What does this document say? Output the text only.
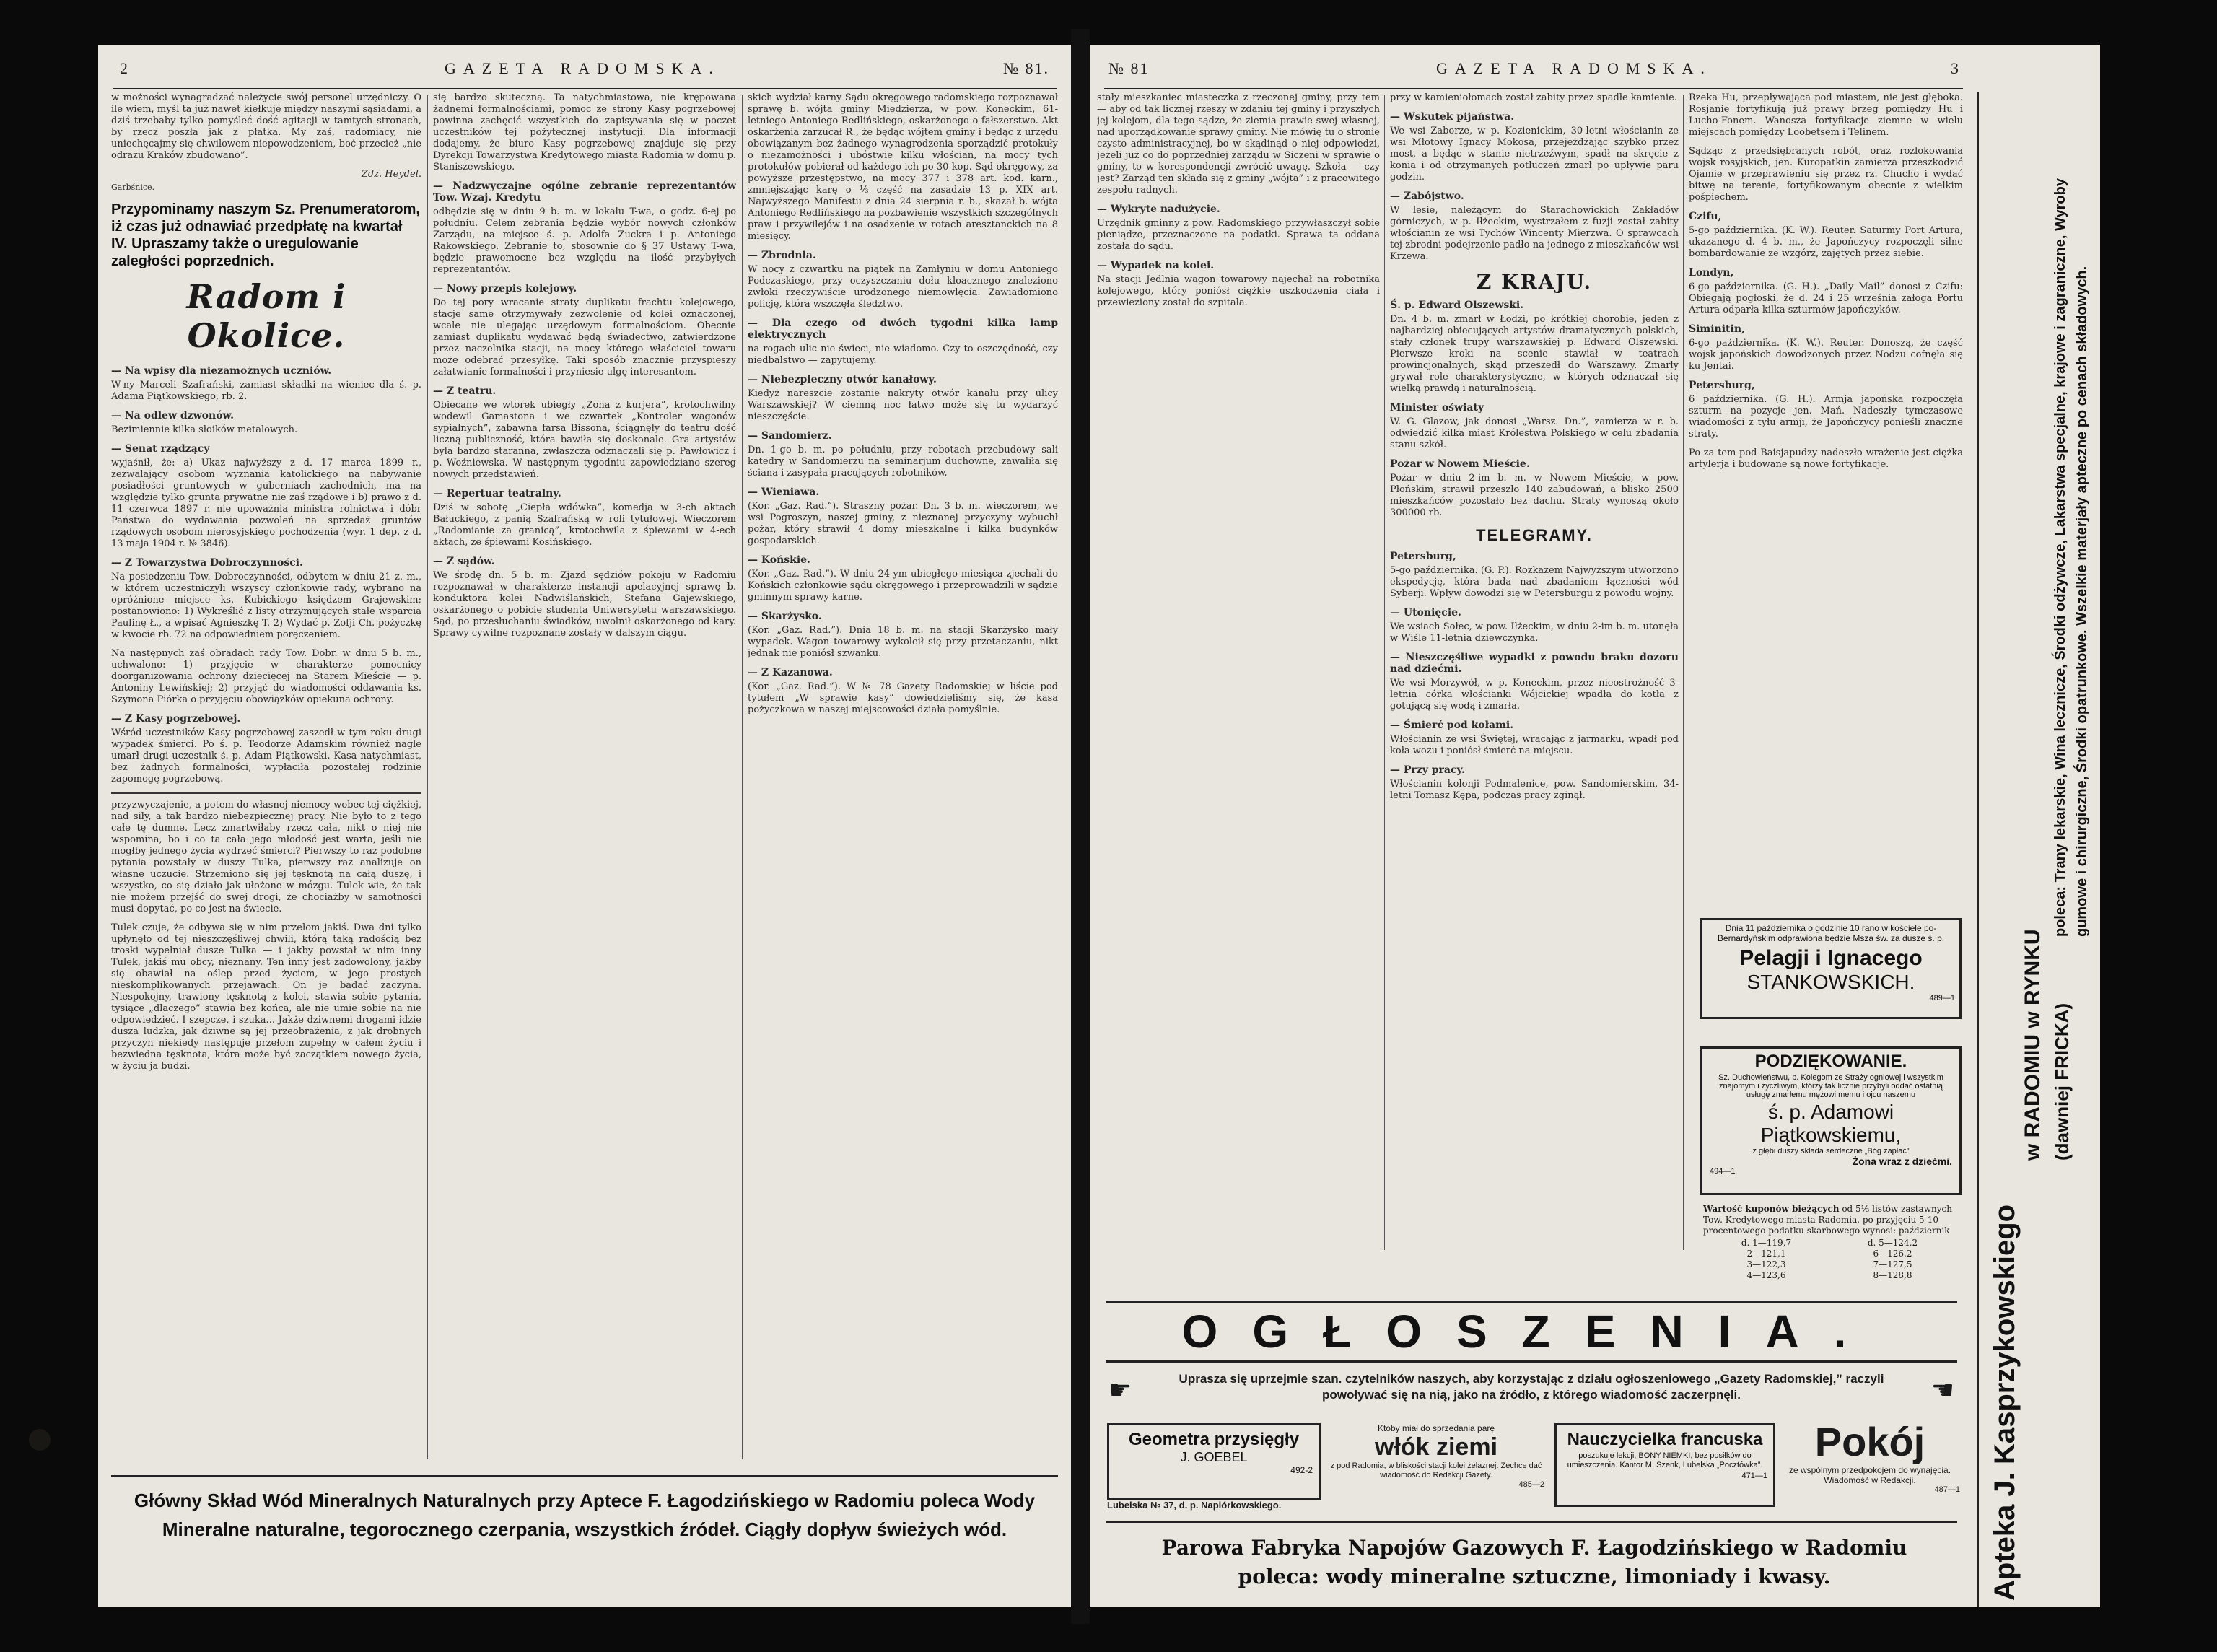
2	GAZETA RADOMSKA.	№ 81.

w możności wynagradzać należycie swój personel urzędniczy. O ile wiem, myśl ta już nawet kiełkuje między naszymi sąsiadami, a dziś trzebaby tylko pomyśleć dość agitacji w tamtych stronach, by rzecz poszła jak z płatka. My zaś, radomiacy, nie uniechęcajmy się chwilowem niepowodzeniem, boć przecież „nie odrazu Kraków zbudowano”.

Zdz. Heydel.

Garbśnice.

Przypominamy naszym Sz. Prenumeratorom, iż czas już odnawiać przedpłatę na kwartał IV. Upraszamy także o uregulowanie zaległości poprzednich.
Radom i Okolice.

— Na wpisy dla niezamożnych uczniów.
W-ny Marceli Szafrański, zamiast składki na wieniec dla ś. p. Adama Piątkowskiego, rb. 2.

— Na odlew dzwonów.
Bezimiennie kilka słoików metalowych.

— Senat rządzący
wyjaśnił, że: a) Ukaz najwyższy z d. 17 marca 1899 r., zezwalający osobom wyznania katolickiego na nabywanie posiadłości gruntowych w guberniach zachodnich, ma na względzie tylko grunta prywatne nie zaś rządowe i b) prawo z d. 11 czerwca 1897 r. nie upoważnia ministra rolnictwa i dóbr Państwa do wydawania pozwoleń na sprzedaż gruntów rządowych osobom nierosyjskiego pochodzenia (wyr. 1 dep. z d. 13 maja 1904 r. № 3846).

— Z Towarzystwa Dobroczynności.
Na posiedzeniu Tow. Dobroczynności, odbytem w dniu 21 z. m., w którem uczestniczyli wszyscy członkowie rady, wybrano na opróżnione miejsce ks. Kubickiego księdzem Grajewskim; postanowiono: 1) Wykreślić z listy otrzymujących stałe wsparcia Paulinę Ł., a wpisać Agnieszkę T. 2) Wydać p. Zofji Ch. pożyczkę w kwocie rb. 72 na odpowiedniem poręczeniem.

Na następnych zaś obradach rady Tow. Dobr. w dniu 5 b. m., uchwalono: 1) przyjęcie w charakterze pomocnicy doorganizowania ochrony dziecięcej na Starem Mieście — p. Antoniny Lewińskiej; 2) przyjąć do wiadomości oddawania ks. Szymona Piórka o przyjęciu obowiązków opiekuna ochrony.

— Z Kasy pogrzebowej.
Wśród uczestników Kasy pogrzebowej zaszedł w tym roku drugi wypadek śmierci. Po ś. p. Teodorze Adamskim również nagle umarł drugi uczestnik ś. p. Adam Piątkowski. Kasa natychmiast, bez żadnych formalności, wypłaciła pozostałej rodzinie zapomogę pogrzebową.

przyzwyczajenie, a potem do własnej niemocy wobec tej ciężkiej, nad siły, a tak bardzo niebezpiecznej pracy. Nie było to z tego całe tę dumne. Lecz zmartwiłaby rzecz cała, nikt o niej nie wspomina, bo i co ta cała jego młodość jest warta, jeśli nie mogłby jednego życia wydrzeć śmierci? Pierwszy to raz podobne pytania powstały w duszy Tulka, pierwszy raz analizuje on własne uczucie. Strzemiono się jej tęsknotą na całą duszę, i wszystko, co się działo jak ułożone w mózgu. Tulek wie, że tak nie możem przejść do swej drogi, że chociażby w samotności musi dopytać, po co jest na świecie.

Tulek czuje, że odbywa się w nim przełom jakiś. Dwa dni tylko upłynęło od tej nieszczęśliwej chwili, którą taką radością bez troski wypełniał dusze Tulka — i jakby powstał w nim inny Tulek, jakiś mu obcy, nieznany. Ten inny jest zadowolony, jakby się obawiał na oślep przed życiem, w jego prostych nieskomplikowanych przejawach. On je badać zaczyna. Niespokojny, trawiony tęsknotą z kolei, stawia sobie pytania, tysiące „dlaczego” stawia bez końca, ale nie umie sobie na nie odpowiedzieć. I szepcze, i szuka... Jakże dziwnemi drogami idzie dusza ludzka, jak dziwne są jej przeobrażenia, z jak drobnych przyczyn niekiedy następuje przełom zupełny w całem życiu i bezwiedna tęsknota, która może być zaczątkiem nowego życia, w życiu ja budzi.

się bardzo skuteczną. Ta natychmiastowa, nie krępowana żadnemi formalnościami, pomoc ze strony Kasy pogrzebowej powinna zachęcić wszystkich do zapisywania się w poczet uczestników tej pożytecznej instytucji. Dla informacji dodajemy, że biuro Kasy pogrzebowej znajduje się przy Dyrekcji Towarzystwa Kredytowego miasta Radomia w domu p. Staniszewskiego.

— Nadzwyczajne ogólne zebranie reprezentantów Tow. Wzaj. Kredytu
odbędzie się w dniu 9 b. m. w lokalu T-wa, o godz. 6-ej po południu. Celem zebrania będzie wybór nowych członków Zarządu, na miejsce ś. p. Adolfa Zuckra i p. Antoniego Rakowskiego. Zebranie to, stosownie do § 37 Ustawy T-wa, będzie prawomocne bez względu na ilość przybyłych reprezentantów.

— Nowy przepis kolejowy.
Do tej pory wracanie straty duplikatu frachtu kolejowego, stacje same otrzymywały zezwolenie od kolei oznaczonej, wcale nie ulegając urzędowym formalnościom. Obecnie zamiast duplikatu wydawać będą świadectwo, zatwierdzone przez naczelnika stacji, na mocy którego właściciel towaru może odebrać przesyłkę. Taki sposób znacznie przyspieszy załatwianie formalności i przyniesie ulgę interesantom.

— Z teatru.
Obiecane we wtorek ubiegły „Zona z kurjera”, krotochwilny wodewil Gamastona i we czwartek „Kontroler wagonów sypialnych”, zabawna farsa Bissona, ściągnęły do teatru dość liczną publiczność, która bawiła się doskonale. Gra artystów była bardzo staranna, zwłaszcza odznaczali się p. Pawłowicz i p. Woźniewska. W następnym tygodniu zapowiedziano szereg nowych przedstawień.

— Repertuar teatralny.
Dziś w sobotę „Ciepła wdówka”, komedja w 3-ch aktach Bałuckiego, z panią Szafrańską w roli tytułowej. Wieczorem „Radomianie za granicą”, krotochwila z śpiewami w 4-ech aktach, ze śpiewami Kosińskiego.

— Z sądów.
We środę dn. 5 b. m. Zjazd sędziów pokoju w Radomiu rozpoznawał w charakterze instancji apelacyjnej sprawę b. konduktora kolei Nadwiślańskich, Stefana Gajewskiego, oskarżonego o pobicie studenta Uniwersytetu warszawskiego. Sąd, po przesłuchaniu świadków, uwolnił oskarżonego od kary. Sprawy cywilne rozpoznane zostały w dalszym ciągu.

skich wydział karny Sądu okręgowego radomskiego rozpoznawał sprawę b. wójta gminy Miedzierza, w pow. Koneckim, 61-letniego Antoniego Redlińskiego, oskarżonego o fałszerstwo. Akt oskarżenia zarzucał R., że będąc wójtem gminy i będąc z urzędu obowiązanym bez żadnego wynagrodzenia sporządzić protokuły o niezamożności i ubóstwie kilku włościan, na mocy tych protokułów pobierał od każdego ich po 30 kop. Sąd okręgowy, za powyższe przestępstwo, na mocy 377 i 378 art. kod. karn., zmniejszając karę o ⅓ część na zasadzie 13 p. XIX art. Najwyższego Manifestu z dnia 24 sierpnia r. b., skazał b. wójta Antoniego Redlińskiego na pozbawienie wszystkich szczególnych praw i przywilejów i na osadzenie w rotach aresztanckich na 8 miesięcy.

— Zbrodnia.
W nocy z czwartku na piątek na Zamłyniu w domu Antoniego Podczaskiego, przy oczyszczaniu dołu kloacznego znaleziono zwłoki rzeczywiście urodzonego niemowlęcia. Zawiadomiono policję, która wszczęła śledztwo.

— Dla czego od dwóch tygodni kilka lamp elektrycznych
na rogach ulic nie świeci, nie wiadomo. Czy to oszczędność, czy niedbalstwo — zapytujemy.

— Niebezpieczny otwór kanałowy.
Kiedyż nareszcie zostanie nakryty otwór kanału przy ulicy Warszawskiej? W ciemną noc łatwo może się tu wydarzyć nieszczęście.

— Sandomierz.
Dn. 1-go b. m. po południu, przy robotach przebudowy sali katedry w Sandomierzu na seminarjum duchowne, zawaliła się ściana i zasypała pracujących robotników.

— Wieniawa.
(Kor. „Gaz. Rad.”). Straszny pożar. Dn. 3 b. m. wieczorem, we wsi Pogroszyn, naszej gminy, z nieznanej przyczyny wybuchł pożar, który strawił 4 domy mieszkalne i kilka budynków gospodarskich.

— Końskie.
(Kor. „Gaz. Rad.”). W dniu 24-ym ubiegłego miesiąca zjechali do Końskich członkowie sądu okręgowego i przeprowadzili w sądzie gminnym sprawy karne.

— Skarżysko.
(Kor. „Gaz. Rad.”). Dnia 18 b. m. na stacji Skarżysko mały wypadek. Wagon towarowy wykoleił się przy przetaczaniu, nikt jednak nie poniósł szwanku.

— Z Kazanowa.
(Kor. „Gaz. Rad.”). W № 78 Gazety Radomskiej w liście pod tytułem „W sprawie kasy” dowiedzieliśmy się, że kasa pożyczkowa w naszej miejscowości działa pomyślnie.

Główny Skład Wód Mineralnych Naturalnych przy Aptece F. Łagodzińskiego w Radomiu poleca Wody
Mineralne naturalne, tegorocznego czerpania, wszystkich źródeł. Ciągły dopływ świeżych wód.
№ 81	GAZETA RADOMSKA.	3

stały mieszkaniec miasteczka z rzeczonej gminy, przy tem — aby od tak licznej rzeszy w zdaniu tej gminy i przyszłych jej kolejom, dla tego sądze, że ziemia prawie swej własnej, nad uporządkowanie sprawy gminy. Nie mówię tu o stronie czysto administracyjnej, bo w skądinąd o niej odpowiedzi, jeżeli już co do poprzedniej zarządu w Siczeni w sprawie o gminy, to w korespondencji zwrócić uwagę. Szkoła — czy jest? Zarząd ten składa się z gminy „wójta” i z pracowitego zespołu radnych.

— Wykryte nadużycie.
Urzędnik gminny z pow. Radomskiego przywłaszczył sobie pieniądze, przeznaczone na podatki. Sprawa ta oddana została do sądu.

— Wypadek na kolei.
Na stacji Jedlnia wagon towarowy najechał na robotnika kolejowego, który poniósł ciężkie uszkodzenia ciała i przewieziony został do szpitala.

przy w kamieniołomach został zabity przez spadłe kamienie.

— Wskutek pijaństwa.
We wsi Zaborze, w p. Kozienickim, 30-letni włościanin ze wsi Młotowy Ignacy Mokosa, przejeżdżając szybko przez most, a będąc w stanie nietrzeźwym, spadł na skręcie z konia i od otrzymanych potłuczeń zmarł po upływie paru godzin.

— Zabójstwo.
W lesie, należącym do Starachowickich Zakładów górniczych, w p. Iłżeckim, wystrzałem z fuzji został zabity włościanin ze wsi Tychów Wincenty Mierzwa. O sprawcach tej zbrodni podejrzenie padło na jednego z mieszkańców wsi Krzewa.

Z KRAJU.

Ś. p. Edward Olszewski.
Dn. 4 b. m. zmarł w Łodzi, po krótkiej chorobie, jeden z najbardziej obiecujących artystów dramatycznych polskich, stały członek trupy warszawskiej p. Edward Olszewski. Pierwsze kroki na scenie stawiał w teatrach prowincjonalnych, skąd przeszedł do Warszawy. Zmarły grywał role charakterystyczne, w których odznaczał się wielką prawdą i naturalnością.

Minister oświaty
W. G. Glazow, jak donosi „Warsz. Dn.”, zamierza w r. b. odwiedzić kilka miast Królestwa Polskiego w celu zbadania stanu szkół.

Pożar w Nowem Mieście.
Pożar w dniu 2-im b. m. w Nowem Mieście, w pow. Płońskim, strawił przeszło 140 zabudowań, a blisko 2500 mieszkańców pozostało bez dachu. Straty wynoszą około 300000 rb.

TELEGRAMY.

Petersburg,
5-go października. (G. P.). Rozkazem Najwyższym utworzono ekspedycję, która bada nad zbadaniem łączności wód Syberji. Wpływ dowodzi się w Petersburgu z powodu wojny.

— Utonięcie.
We wsiach Sołec, w pow. Iłżeckim, w dniu 2-im b. m. utonęła w Wiśle 11-letnia dziewczynka.

— Nieszczęśliwe wypadki z powodu braku dozoru nad dziećmi.
We wsi Morzywół, w p. Koneckim, przez nieostrożność 3-letnia córka włościanki Wójcickiej wpadła do kotła z gotującą się wodą i zmarła.

— Śmierć pod kołami.
Włościanin ze wsi Świętej, wracając z jarmarku, wpadł pod koła wozu i poniósł śmierć na miejscu.

— Przy pracy.
Włościanin kolonji Podmalenice, pow. Sandomierskim, 34-letni Tomasz Kępa, podczas pracy zginął.

Rzeka Hu, przepływająca pod miastem, nie jest głęboka. Rosjanie fortyfikują już prawy brzeg pomiędzy Hu i Lucho-Fonem. Wanosza fortyfikacje ziemne w wielu miejscach pomiędzy Loobetsem i Telinem.

Sądząc z przedsiębranych robót, oraz rozlokowania wojsk rosyjskich, jen. Kuropatkin zamierza przeszkodzić Ojamie w przeprawieniu się przez rz. Chucho i wydać bitwę na terenie, fortyfikowanym obecnie z wielkim pośpiechem.

Czifu,
5-go października. (K. W.). Reuter. Saturmy Port Artura, ukazanego d. 4 b. m., że Japończycy rozpoczęli silne bombardowanie ze wzgórz, zajętych przez siebie.

Londyn,
6-go października. (G. H.). „Daily Mail” donosi z Czifu: Obiegają pogłoski, że d. 24 i 25 września załoga Portu Artura odparła kilka szturmów japończyków.

Siminitin,
6-go października. (K. W.). Reuter. Donoszą, że część wojsk japońskich dowodzonych przez Nodzu cofnęła się ku Jentai.

Petersburg,
6 października. (G. H.). Armja japońska rozpoczęła szturm na pozycje jen. Mań. Nadeszły tymczasowe wiadomości z tyłu armji, że Japończycy ponieśli znaczne straty.

Po za tem pod Baisjapudzy nadeszło wrażenie jest ciężka artylerja i budowane są nowe fortyfikacje.

Dnia 11 października o godzinie 10 rano w kościele po-Bernardyńskim odprawiona będzie Msza św. za dusze ś. p.
Pelagji i Ignacego
STANKOWSKICH.
489—1
PODZIĘKOWANIE.
Sz. Duchowieństwu, p. Kolegom ze Straży ogniowej i wszystkim znajomym i życzliwym, którzy tak licznie przybyli oddać ostatnią usługę zmarłemu mężowi memu i ojcu naszemu
ś. p. Adamowi Piątkowskiemu,
z głębi duszy składa serdeczne „Bóg zapłać”
Żona wraz z dziećmi.
494—1
Wartość kuponów bieżących od 5⅓ listów zastawnych Tow. Kredytowego miasta Radomia, po przyjęciu 5-10 procentowego podatku skarbowego wynosi: październik
d. 1—119,7	d. 5—124,2
2—121,1	6—126,2
3—122,3	7—127,5
4—123,6	8—128,8	Apteka J. Kasprzykowskiego
w RADOMIU w RYNKU (dawniej FRICKA)
poleca: Trany lekarskie, Wina lecznicze, Środki odżywcze, Lakarstwa specjalne, krajowe i zagraniczne, Wyroby gumowe i chirurgiczne, Środki opatrunkowe. Wszelkie materjały apteczne po cenach składowych.
OGŁOSZENIA.
☛	☚
Uprasza się uprzejmie szan. czytelników naszych, aby korzystając z działu ogłoszeniowego „Gazety Radomskiej,” raczyli powoływać się na nią, jako na źródło, z którego wiadomość zaczerpnęli.
Geometra przysięgły
J. GOEBEL
492-2
Lubelska № 37, d. p. Napiórkowskiego.
Ktoby miał do sprzedania parę
włók ziemi
z pod Radomia, w bliskości stacji kolei żelaznej. Zechce dać wiadomość do Redakcji Gazety.
485—2
Nauczycielka francuska
poszukuje lekcji, BONY NIEMKI, bez posiłków do umieszczenia. Kantor M. Szenk, Lubelska „Pocztówka”.
471—1
Pokój
ze wspólnym przedpokojem do wynajęcia. Wiadomość w Redakcji.
487—1
Parowa Fabryka Napojów Gazowych F. Łagodzińskiego w Radomiu
poleca: wody mineralne sztuczne, limoniady i kwasy.
